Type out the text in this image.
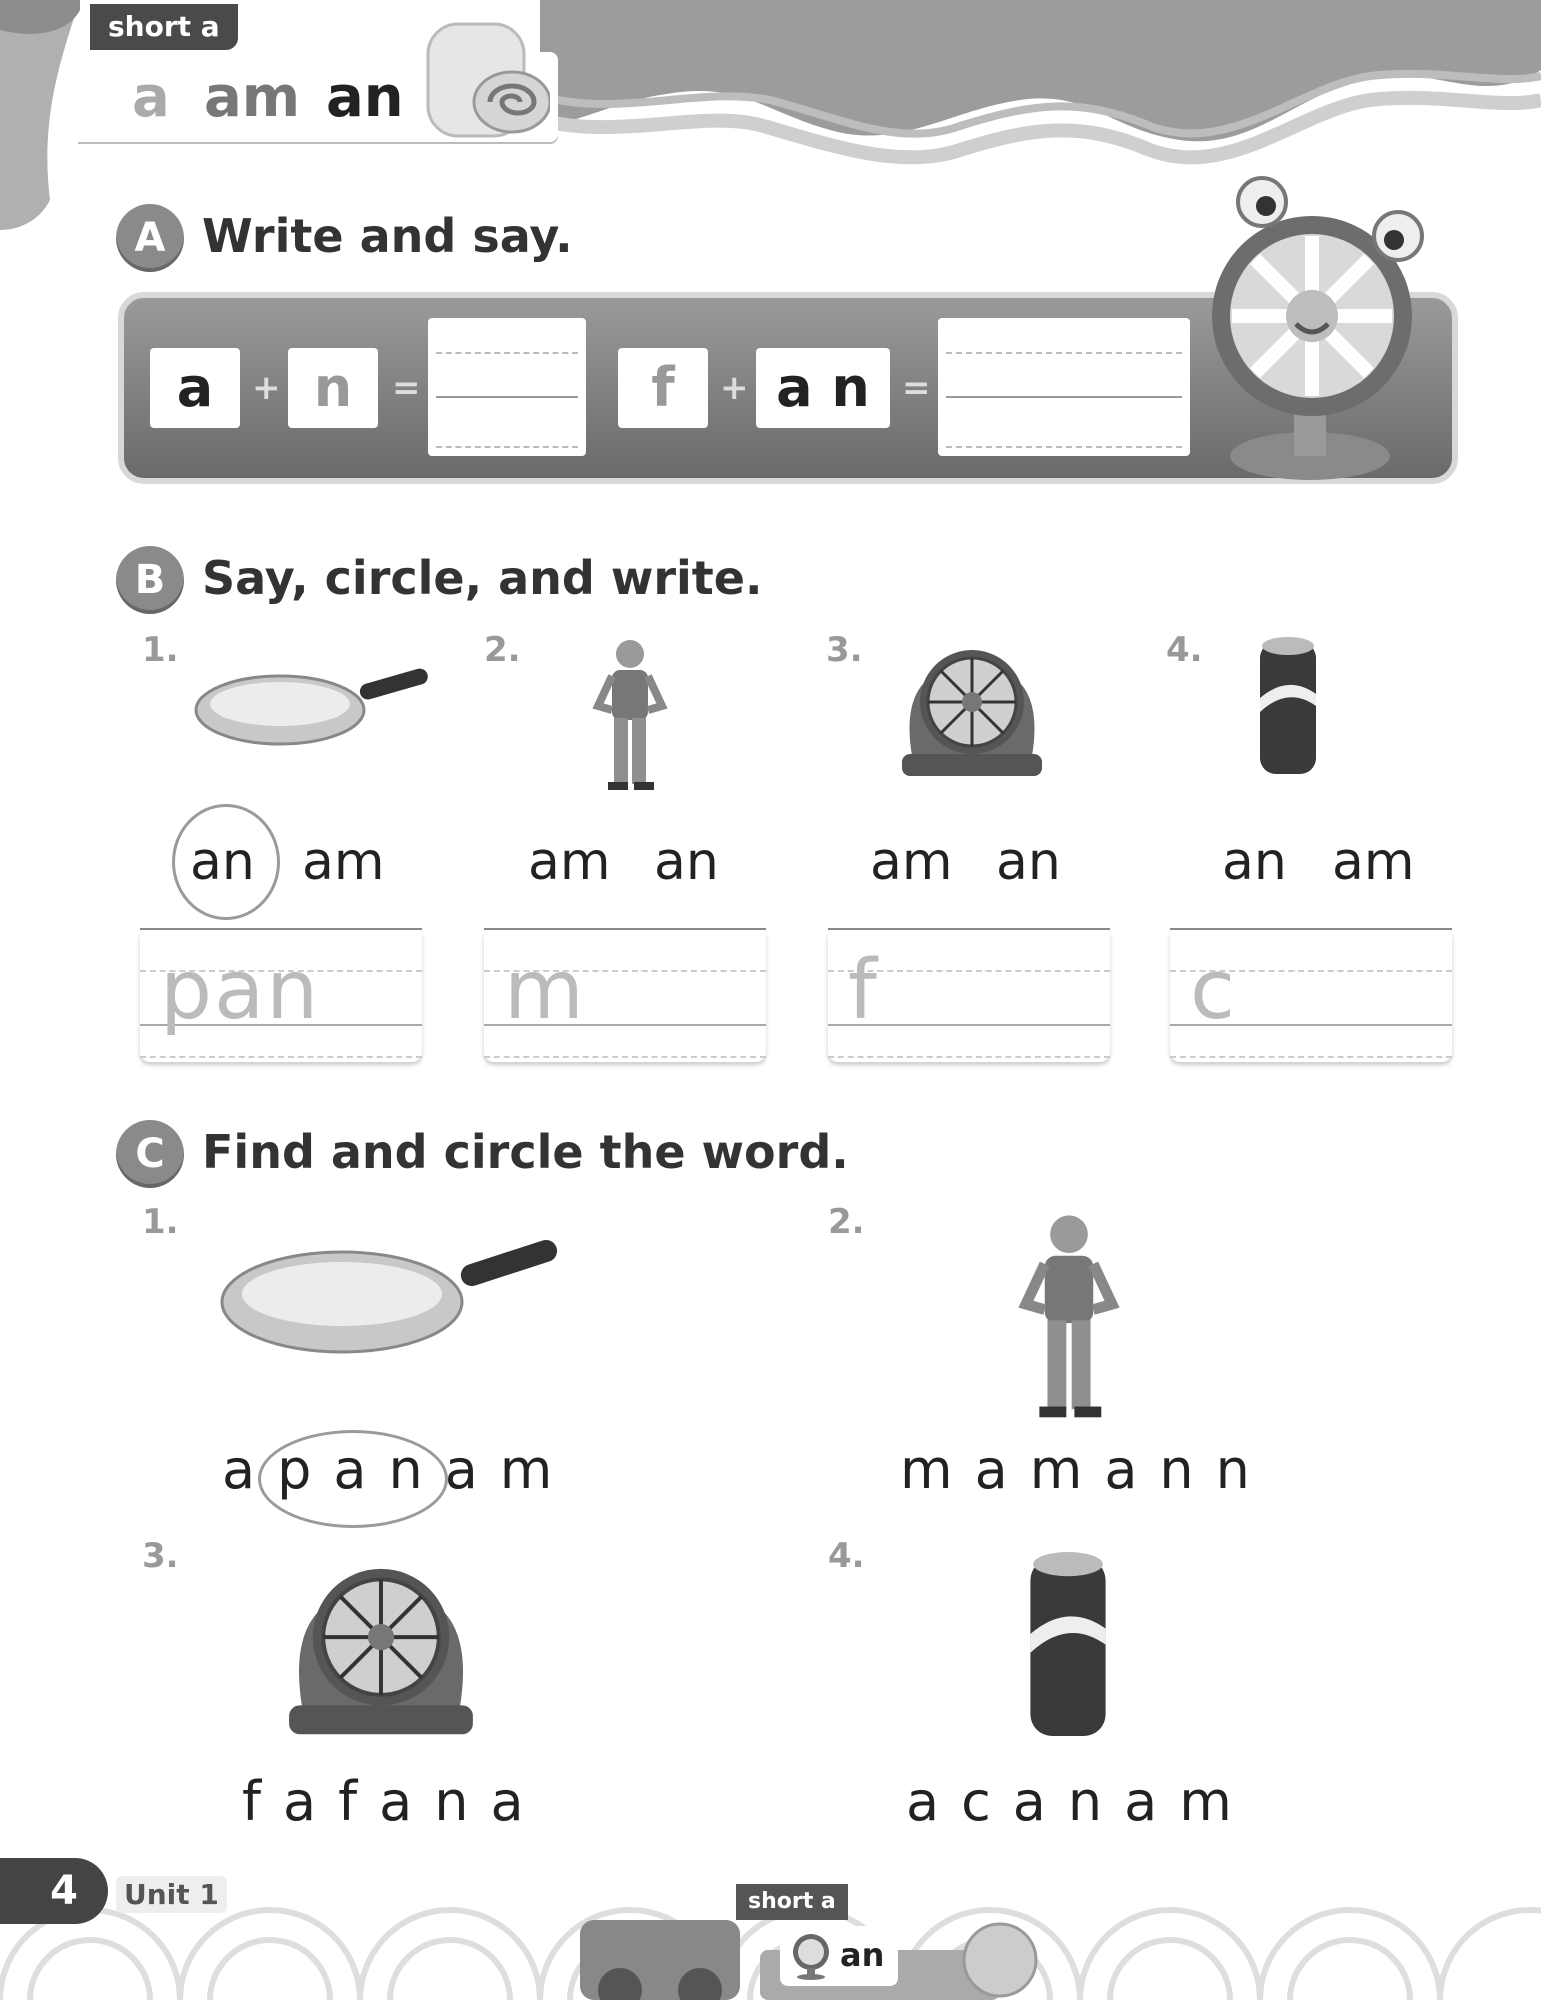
short a
a am an
A Write and say.
a	+ n	=	f	+ a n =
B Say, circle, and write.
1.	2.	3.	4.
an am	am an	am an	an am
pan m	f	c
C Find and circle the word.
1.	2.
3.	4.
apanam	mamann
fafana	acanam
4	Unit 1	short a
an
